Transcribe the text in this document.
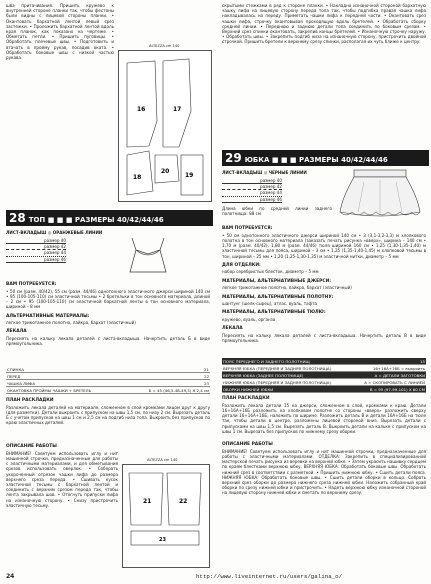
шва притачивания. Пришить кружево к внутренней стороне планки так, чтобы фестоны были видны с лицевой стороны планки. • Окантовать бархатной лентой левый срез застежки. • Проложить бархатной лентой вдоль края планок, как показано на чертеже. • Обметать петли. • Пришить пуговицы. • Обработать плечевые швы. • Подготовить и втачать в пройму рукав, посадив оката. • Обработать боковые швы с низкой частью рукава.

ALTEZZA cm 140
16	17
18
20
19
28 ТОП ■ ■ ■ РАЗМЕРЫ 40/42/44/46

ЛИСТ-ВКЛАДЫШ ◎ ОРАНЖЕВЫЕ ЛИНИИ

размер 40
размер 42
размер 44
размер 46

ВАМ ПОТРЕБУЕТСЯ:

• 50 см (разм. 40/42), 55 см (разм. 44/46) однотонного эластичного джерси шириной 140 см • 95 (100-105-110) см эластичной тесьмы • 2 бретельки в тон основного материала, длиной – 2 см • 95 (100-105-110) см эластичной бархатной ленты в тон основного материала, шириной – 8 мм

АЛЬТЕРНАТИВНЫЕ МАТЕРИАЛЫ:

легкое трикотажное полотно, лайкра, бархат (эластичный)

ЛЕКАЛА

Пересиять на кальку лекала деталей с листа-вкладыша. Начертить деталь Б в виде прямоугольника.

СПИНКА	21
ПЕРЕД	22
ЧАШКА ЛИФА	23
ОКАНТОВКА ПРОЙМЫ ЧАШКИ + БРЕТЕЛЬ	Б = 45 (46,5-48-49,5) Х 2,4 см

ПЛАН РАСКЛАДКИ

Разложить лекала деталей на материале, сложенном в слой кромками лицом друг к другу (для разметки). Детали выкроить с припуском на швы 1,5 см, по низу 2 см. Вырезать деталь Б с учетом припусков на швы 1 см и 2,5 см на подгиб низа топа. Выкроить без припусков по краю эластичных деталей.

ОПИСАНИЕ РАБОТЫ

ВНИМАНИЕ! Советуем использовать иглу и нит машинной строчки, предназначенные для работы с эластичными материалами, и для обметывания срезов использовать оверлок. • Соборать укороченный отрезок чашки лифа до размера верхнего среза переда. • Сшивать кусок эластичной тесьмы с бархатной лентой и соединить с верхним срезом переда так, чтобы лента закрывала шов. • Отогнуть припуски лифа на изнаночную сторону. • Снизу пристрочить эластичную тесьму.

ALTEZZA cm 140
21	22
23

скрытыми стежками в ряд к стороне планки. • Накладно изнаночной стороной бархатную чашку лифа на лицевую сторону переда топа так, чтобы подгибка правая чашка лифа накладывалась на переду. Приметать чашки лифа к передней части. • Окантовать срез чашки лифа, строчку окантовывая проходящую вдоль бретелей. • Обработать сборку средней линии. • Переднюю и заднюю детали топа соединить по боковым срезам. • Верхний срез спинки окантовать, закрепив концы бретелей. • Изнаночную строчку наружу. • Обработать швы. • Закрепить подгиб низа на изнаночную сторону, пристрочить двойной строчкой. Пришить бретели к верхнему срезу спинки, располагая их чуть ближе к центру.

29 ЮБКА ■ ■ ■ РАЗМЕРЫ 40/42/44/46

ЛИСТ-ВКЛАДЫШ ◎ ЧЕРНЫЕ ЛИНИИ

размер 40
размер 42
размер 44
размер 46

Длина юбки по средней линии заднего полотнища: 88 см

ВАМ ПОТРЕБУЕТСЯ:

• 50 см однотонного эластичного джерси шириной 140 см • 3 (3,1-3,2-3,3) м хлопкового полотна в тон основного материала (заказать печать рисунка «вверх», ширина – 140 см • 1,70 м (разм. 40/42), 1,80 м (разм. 44/46) тюля шириной 160 см • 1,25 (1,30-1,35-1,40) м эластичной тесьмы для пояса, шириной – 3 см • 1,25 (1,35-1,40-1,45) м хлопковой тесьмы в тон, шириной – 25 мм • 1,20 (1,25-1,30-1,35) м эластичной нитки, диаметр – 5 мм

ДЛЯ ОТДЕЛКИ:

набор серебристых блесток, диаметр – 5 мм

МАТЕРИАЛЫ, АЛЬТЕРНАТИВНЫЕ ДЖЕРСИ:

легкое трикотажное полотно, лайкра, бархат (эластичный)

МАТЕРИАЛЫ, АЛЬТЕРНАТИВНЫЕ ПОЛОТНУ:

шантунг (шелк-сырец), атлас, вуаль, тафта

МАТЕРИАЛЫ, АЛЬТЕРНАТИВНЫЕ ТЮЛЮ:

кружево, вуаль, органза

ЛЕКАЛА

Пересиять на кальку лекала деталей с листа-вкладыша. Начертить деталь В в виде прямоугольника.

ПОЯС ПЕРЕДНЕГО И ЗАДНЕГО ПОЛОТНИЩ	15
ВЕРХНЯЯ ЮБКА (ПЕРЕДНЯЯ И ЗАДНЯЯ ПОЛОТНИЩА)	16+16А+16Б = выкроить
ВЕРХНЯЯ ЮБКА (ЗАДНЕЕ ПОЛОТНИЩЕ)	А = ДЕТАЛИ ЗАГОТОВКИ
НИЖНЯЯ ЮБКА (ПЕРЕДНЯЯ И ЗАДНЯЯ ПОЛОТНИЩА)	А = СКОПИРОВАТЬ С ЛИНИЕЙ
ОБОРКИ НИЖНЕЙ ЮБКИ	В = 95 (97-99-101) Х 60 СМ

ПЛАН РАСКЛАДКИ

Разложить лекала детали 15 на джерси, сложенном в слой, кромками к краю. Детали 16+16А+16Б разложить на хлопковом полотне со стороны «вверх» разложить сверху детали 16+16А+16Б, наложить по ширине. Разложить деталь В и детали 16А+16Б на тюле так, чтобы детали в центре, разложены лицевой стороной вниз. Вырезать детали с припусками на швы 1,5 см. Вырезать деталь В. Выкроить детали на кальке с припуском на швы 1 см. Вырезать без припусков по нижнему срезу оборки.

ОПИСАНИЕ РАБОТЫ

ВНИМАНИЕ! Советуем использовать иглу и нит машинной строчки, предназначенные для работы с эластичными материалами. ОТДЕЛКА: Закрепить в специализированной мастерской печать рисунка из веревки на верхней юбке. • Затем украсить нашивку сердцем по краям блестками верхнюю юбку. ВЕРХНЯЯ ЮБКА: Обработать боковые швы. Обработать нижний срез в соответствии с разметкой. • Пришить нижнюю юбку. • Сшить детали пояса. НИЖНЯЯ ЮБКА: Обработать боковые швы. • Сшить детали оборки в кольцо. Собрать верхний срез оборки до размера нижнего среза нижней юбки. Наложить собранный край оборки по срезу нижней юбки и пристрочить. • Надеть верхнюю юбку изнаночной стороной на лицевую сторону нижней юбки и сметать по верхнему срезу.

24	http://www.liveinternet.ru/users/galina_o/
